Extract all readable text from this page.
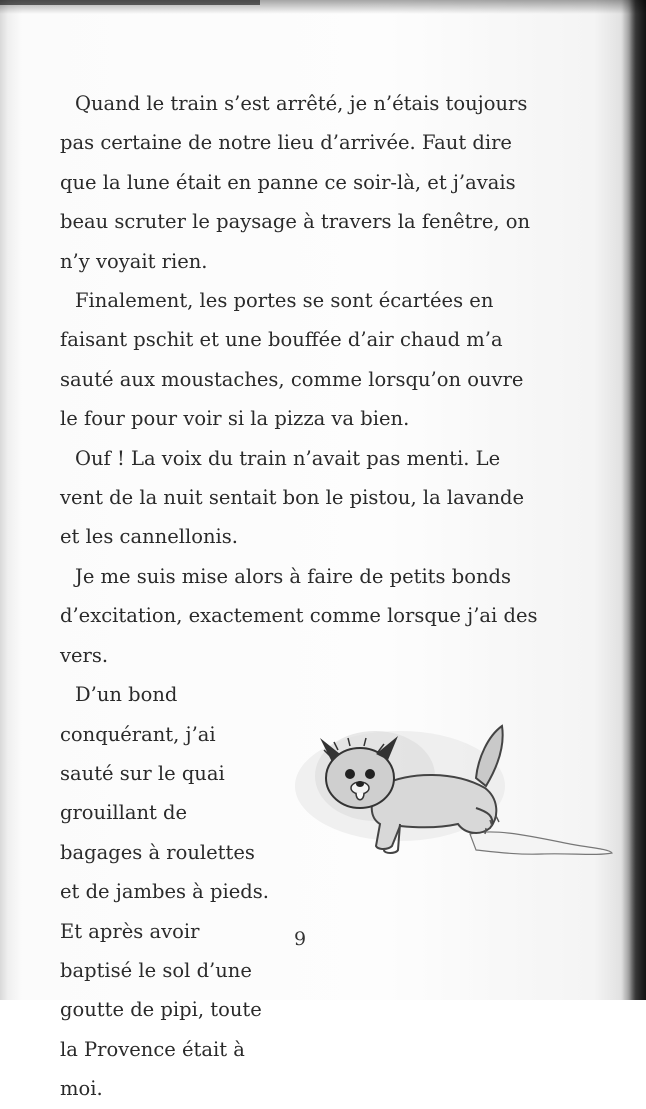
Quand le train s’est arrêté, je n’étais toujours pas certaine de notre lieu d’arrivée. Faut dire que la lune était en panne ce soir-là, et j’avais beau scruter le paysage à travers la fenêtre, on n’y voyait rien.

Finalement, les portes se sont écartées en faisant pschit et une bouffée d’air chaud m’a sauté aux moustaches, comme lorsqu’on ouvre le four pour voir si la pizza va bien.

Ouf ! La voix du train n’avait pas menti. Le vent de la nuit sentait bon le pistou, la lavande et les cannellonis.

Je me suis mise alors à faire de petits bonds d’excitation, exactement comme lorsque j’ai des vers.

D’un bond conquérant, j’ai sauté sur le quai grouillant de bagages à roulettes et de jambes à pieds. Et après avoir baptisé le sol d’une goutte de pipi, toute la Provence était à moi.

9
